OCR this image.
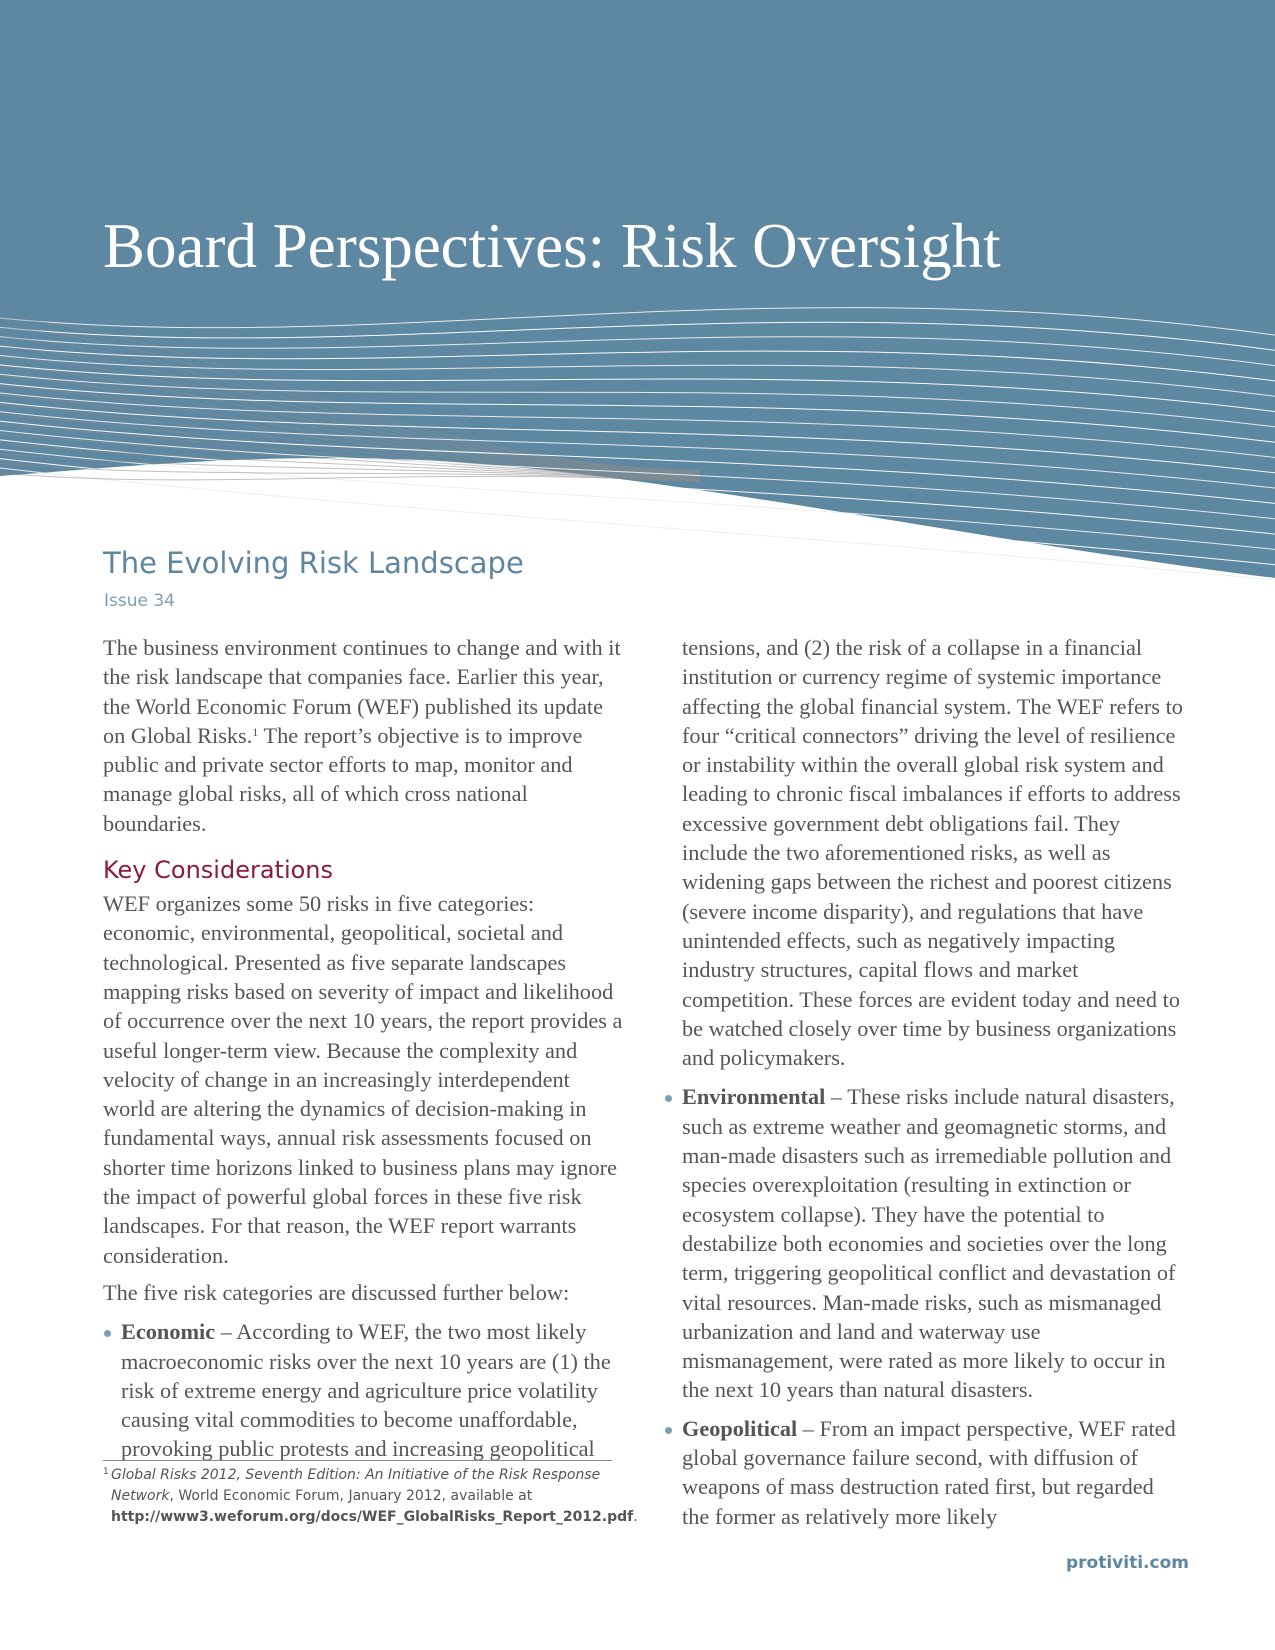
Board Perspectives: Risk Oversight
The Evolving Risk Landscape
Issue 34

The business environment continues to change and with it the risk landscape that companies face. Earlier this year, the World Economic Forum (WEF) published its update on Global Risks.$^1$ The report’s objective is to improve public and private sector efforts to map, monitor and manage global risks, all of which cross national boundaries.

Key Considerations

WEF organizes some 50 risks in five categories: economic, environmental, geopolitical, societal and technological. Presented as five separate landscapes mapping risks based on severity of impact and likelihood of occurrence over the next 10 years, the report provides a useful longer-term view. Because the complexity and velocity of change in an increasingly interdependent world are altering the dynamics of decision-making in fundamental ways, annual risk assessments focused on shorter time horizons linked to business plans may ignore the impact of powerful global forces in these five risk landscapes. For that reason, the WEF report warrants consideration.

The five risk categories are discussed further below:

Economic – According to WEF, the two most likely macroeconomic risks over the next 10 years are (1) the risk of extreme energy and agriculture price volatility causing vital commodities to become unaffordable, provoking public protests and increasing geopolitical

tensions, and (2) the risk of a collapse in a financial institution or currency regime of systemic importance affecting the global financial system. The WEF refers to four “critical connectors” driving the level of resilience or instability within the overall global risk system and leading to chronic fiscal imbalances if efforts to address excessive government debt obligations fail. They include the two aforementioned risks, as well as widening gaps between the richest and poorest citizens (severe income disparity), and regulations that have unintended effects, such as negatively impacting industry structures, capital flows and market competition. These forces are evident today and need to be watched closely over time by business organizations and policymakers.

Environmental – These risks include natural disasters, such as extreme weather and geomagnetic storms, and man-made disasters such as irremediable pollution and species overexploitation (resulting in extinction or ecosystem collapse). They have the potential to destabilize both economies and societies over the long term, triggering geopolitical conflict and devastation of vital resources. Man-made risks, such as mismanaged urbanization and land and waterway use mismanagement, were rated as more likely to occur in the next 10 years than natural disasters.
Geopolitical – From an impact perspective, WEF rated global governance failure second, with diffusion of weapons of mass destruction rated first, but regarded the former as relatively more likely
1 Global Risks 2012, Seventh Edition: An Initiative of the Risk Response Network, World Economic Forum, January 2012, available at http://www3.weforum.org/docs/WEF_GlobalRisks_Report_2012.pdf.
protiviti.com
